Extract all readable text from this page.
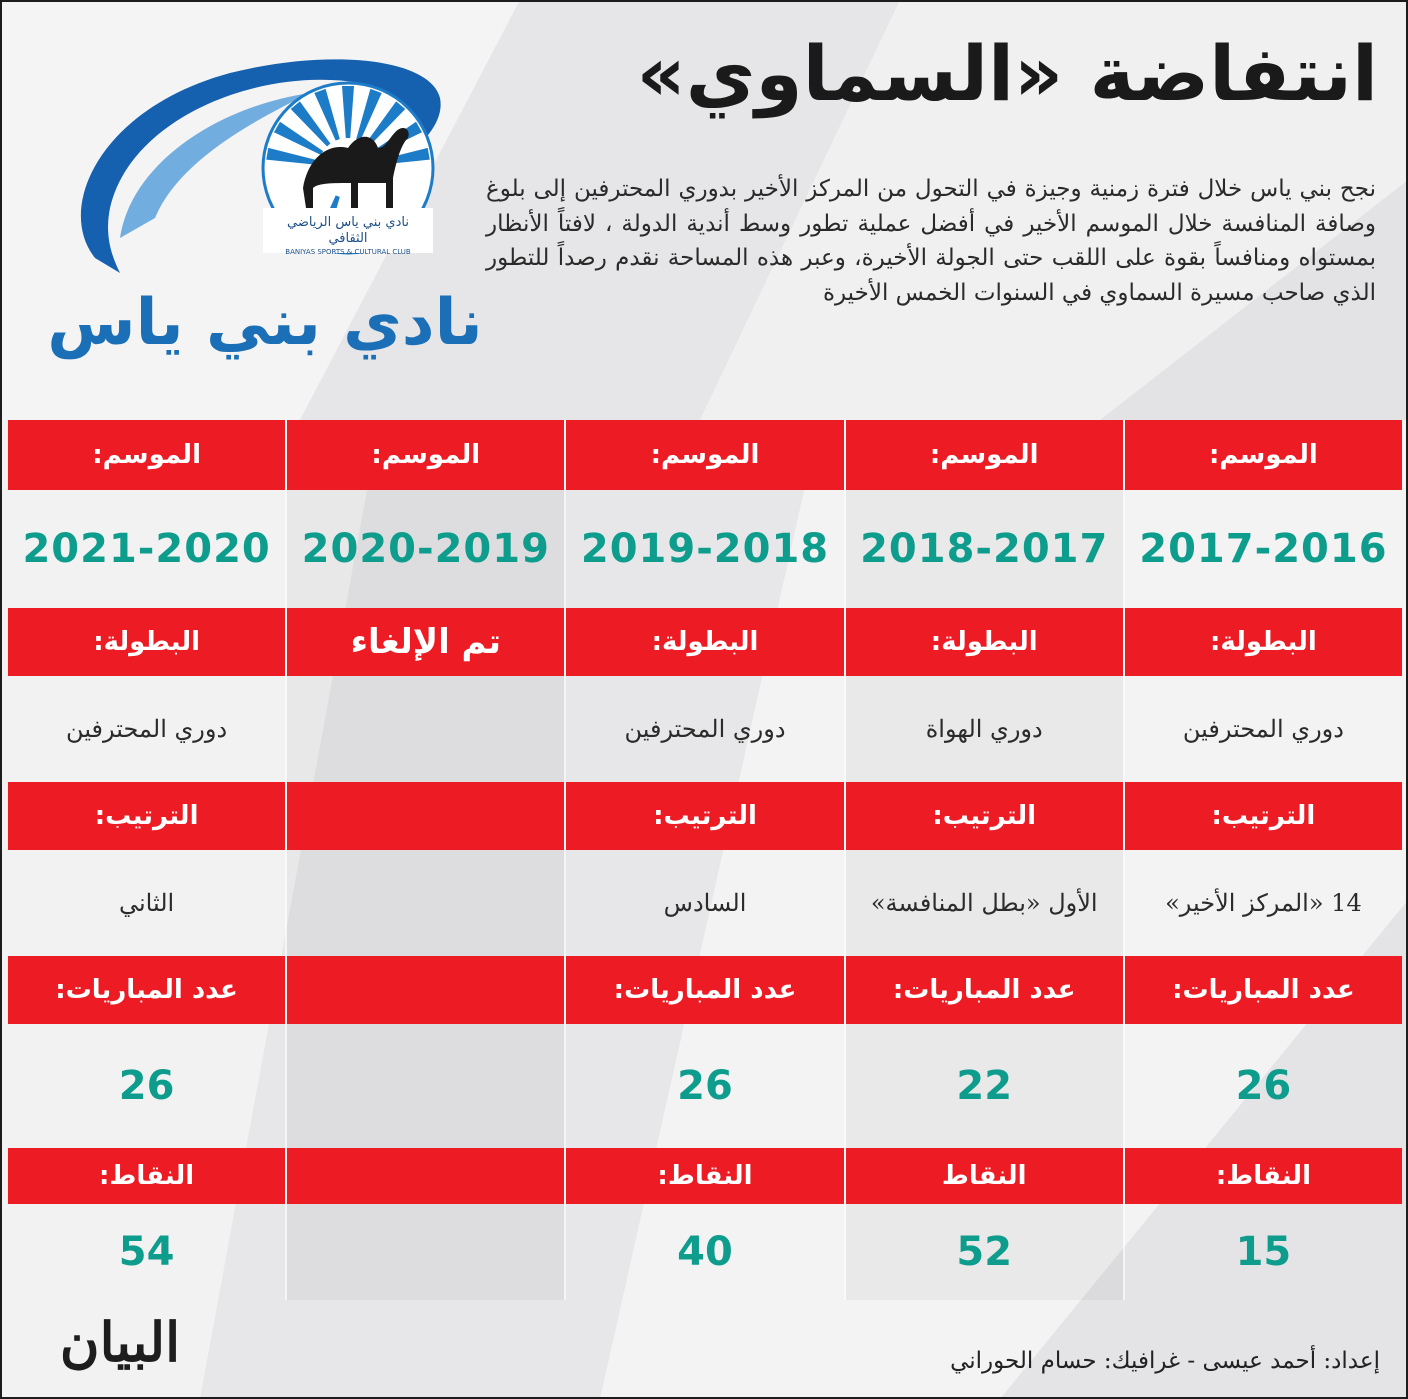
انتفاضة «السماوي»
نجح بني ياس خلال فترة زمنية وجيزة في التحول من المركز الأخير بدوري المحترفين إلى بلوغ وصافة المنافسة خلال الموسم الأخير في أفضل عملية تطور وسط أندية الدولة ، لافتاً الأنظار بمستواه ومنافساً بقوة على اللقب حتى الجولة الأخيرة، وعبر هذه المساحة نقدم رصداً للتطور الذي صاحب مسيرة السماوي في السنوات الخمس الأخيرة
نادي بني ياس الرياضي
الثقافي
BANIYAS SPORTS & CULTURAL CLUB
نادي بني ياس
الموسم:
2017-2016
البطولة:
دوري المحترفين
الترتيب:
14 «المركز الأخير»
عدد المباريات:
26
النقاط:
15
الموسم:
2018-2017
البطولة:
دوري الهواة
الترتيب:
الأول «بطل المنافسة»
عدد المباريات:
22
النقاط
52
الموسم:
2019-2018
البطولة:
دوري المحترفين
الترتيب:
السادس
عدد المباريات:
26
النقاط:
40
الموسم:
2020-2019
تم الإلغاء
الموسم:
2021-2020
البطولة:
دوري المحترفين
الترتيب:
الثاني
عدد المباريات:
26
النقاط:
54
إعداد: أحمد عيسى - غرافيك: حسام الحوراني
البيان
